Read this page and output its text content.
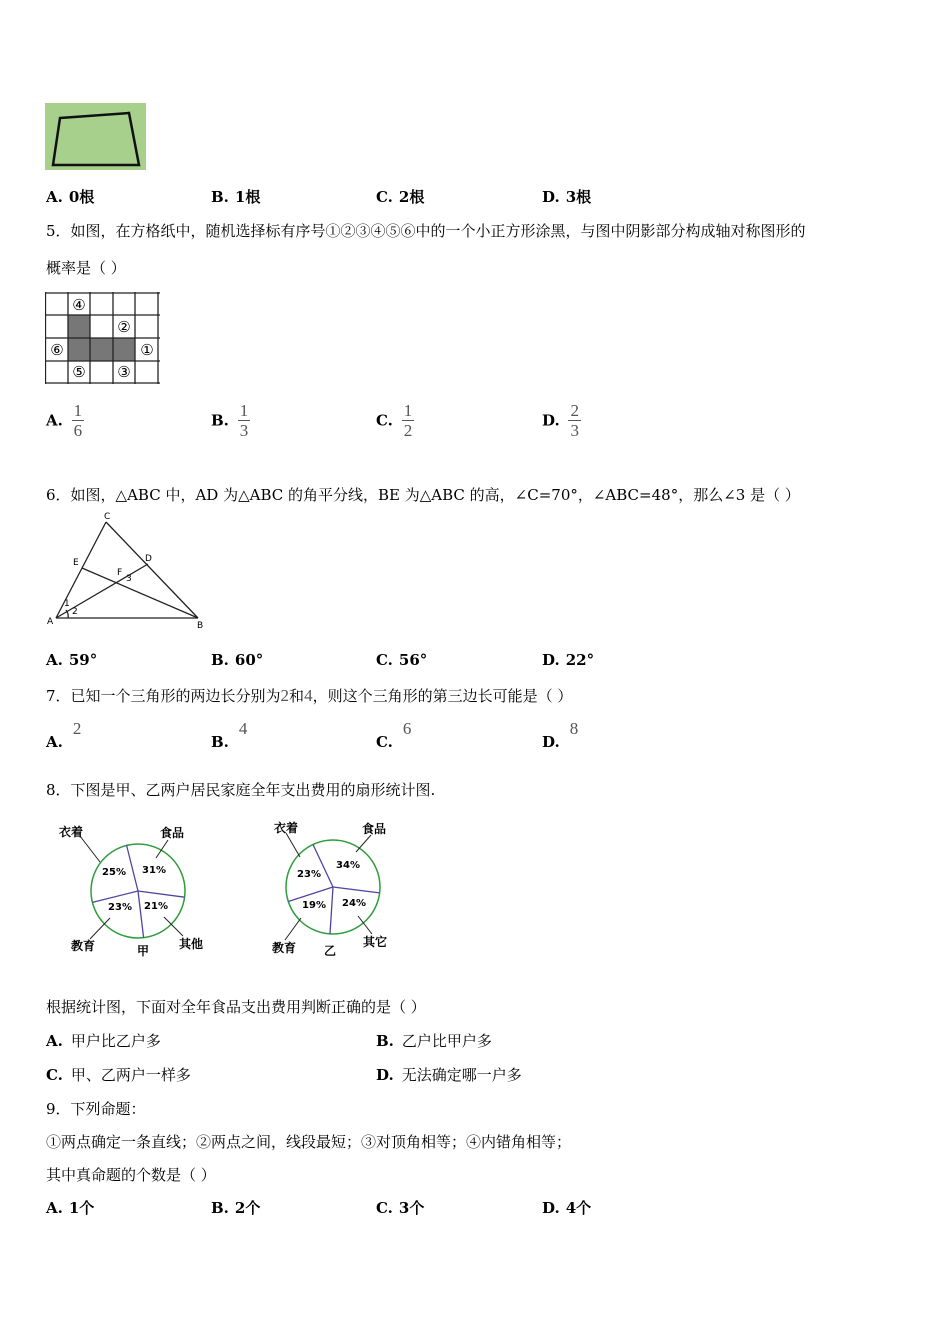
A. 0根	B. 1根	C. 2根	D. 3根
5．如图，在方格纸中，随机选择标有序号①②③④⑤⑥中的一个小正方形涂黑，与图中阴影部分构成轴对称图形的
概率是（ ）
④
②
⑥	①
⑤ ③
A. $\frac{1}{6}$	B. $\frac{1}{3}$	C. $\frac{1}{2}$	D. $\frac{2}{3}$
6．如图，△ABC 中，AD 为△ABC 的角平分线，BE 为△ABC 的高，∠C=70°，∠ABC=48°，那么∠3 是（ ）
C
E	D
F
3
1
2
A	B
A. 59°	B. 60°	C. 56°	D. 22°
7．已知一个三角形的两边长分别为2和4，则这个三角形的第三边长可能是（ ）
A.2
B.4
C.6
D.8
8．下图是甲、乙两户居民家庭全年支出费用的扇形统计图.
衣着	食品
其他
教育	甲
25% 31%
21%
23%
衣着	食品
其它
教育 乙
23%
34%
24%
19%
根据统计图，下面对全年食品支出费用判断正确的是（ ）
A. 甲户比乙户多	B. 乙户比甲户多
C. 甲、乙两户一样多	D. 无法确定哪一户多
9．下列命题：
①两点确定一条直线；②两点之间，线段最短；③对顶角相等；④内错角相等；
其中真命题的个数是（ ）
A. 1个	B. 2个	C. 3个	D. 4个
